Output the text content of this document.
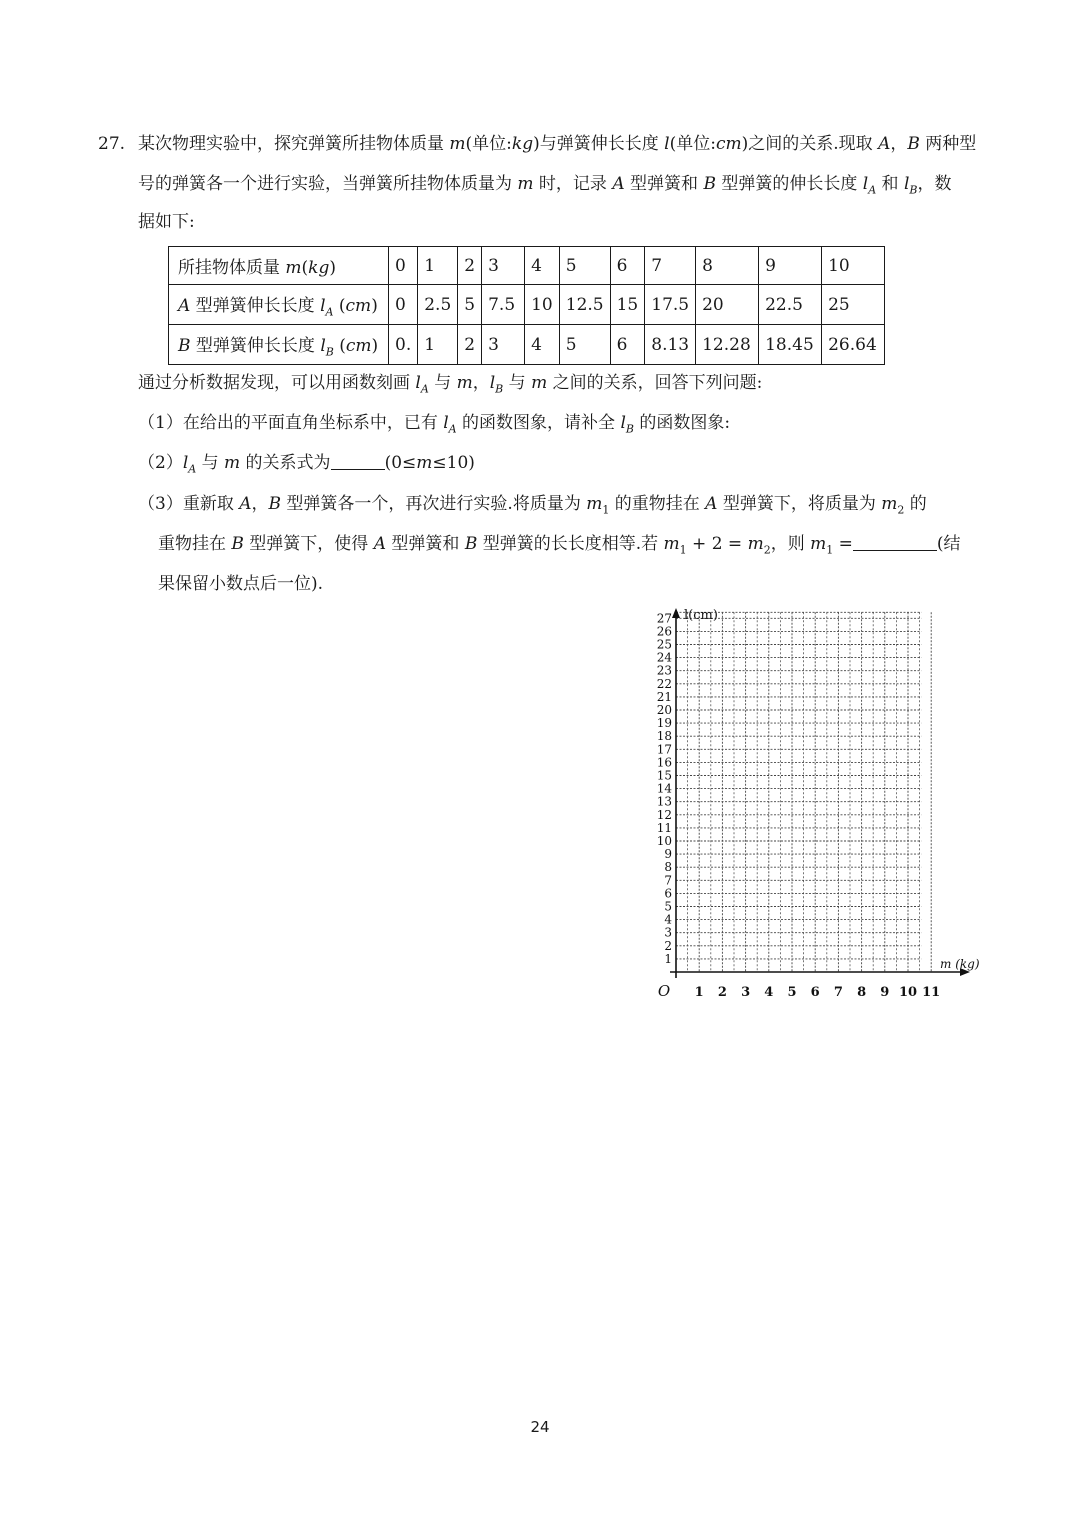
27. 某次物理实验中，探究弹簧所挂物体质量 m(单位:kg)与弹簧伸长长度 l(单位:cm)之间的关系.现取 A，B 两种型
号的弹簧各一个进行实验，当弹簧所挂物体质量为 m 时，记录 A 型弹簧和 B 型弹簧的伸长长度 $l_A$ 和 $l_B$，数
据如下:
所挂物体质量 m(kg)	0	1	2	3	4	5	6	7	8	9	10
A 型弹簧伸长长度 $l_A$ (cm)	0	2.5	5	7.5	10	12.5	15	17.5	20	22.5	25
B 型弹簧伸长长度 $l_B$ (cm)	0.	1	2	3	4	5	6	8.13	12.28	18.45	26.64
通过分析数据发现，可以用函数刻画 $l_A$ 与 m，$l_B$ 与 m 之间的关系，回答下列问题:
（1）在给出的平面直角坐标系中，已有 $l_A$ 的函数图象，请补全 $l_B$ 的函数图象:
$(2)l_A$ 与 m 的关系式为	(0≤m≤10)
（3）重新取 A，B 型弹簧各一个，再次进行实验.将质量为 $m_1$ 的重物挂在 A 型弹簧下，将质量为 $m_2$ 的
重物挂在 B 型弹簧下，使得 A 型弹簧和 B 型弹簧的长长度相等.若 $m_1 + 2 = m_2$，则 $m_1$ =	(结
果保留小数点后一位).
1
2
3
4
5
6
7
8
9
10
11
12
13
14
15
16
17
18
19
20
21
22
23
24
25
26
27
1 2 3 4 5 6 7 8 9 10 11
O
l(cm)
m (kg)
24
